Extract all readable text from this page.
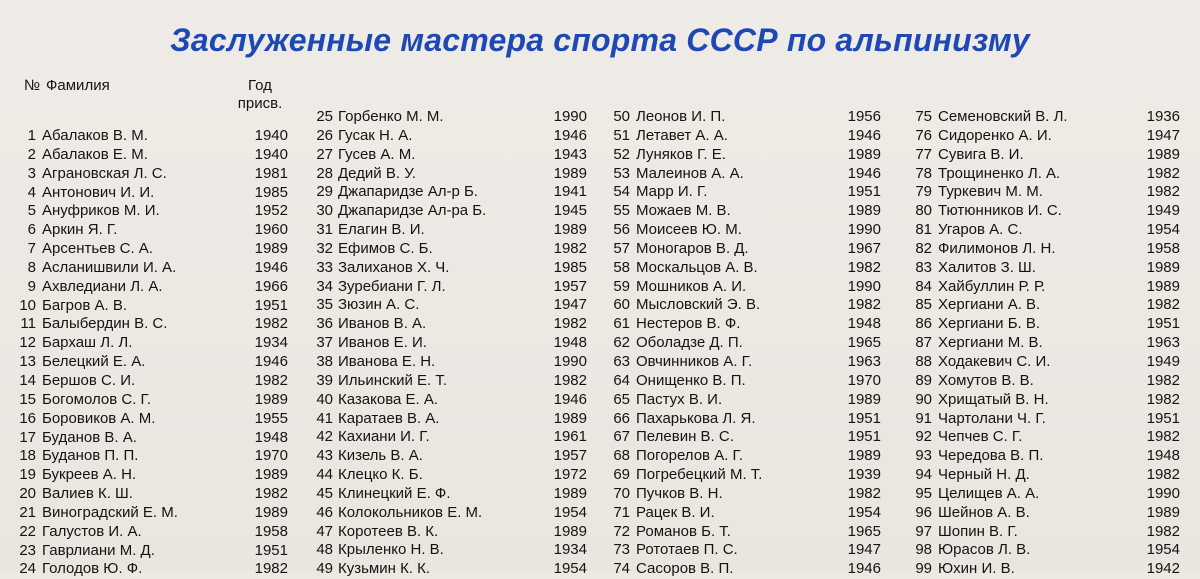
Заслуженные мастера спорта СССР по альпинизму
№ Фамилия	Год присв.
1 Абалаков В. М.	1940
2 Абалаков Е. М.	1940
3 Аграновская Л. С.	1981
4 Антонович И. И.	1985
5 Ануфриков М. И.	1952
6 Аркин Я. Г.	1960
7 Арсентьев С. А.	1989
8 Асланишвили И. А.	1946
9 Ахвледиани Л. А.	1966
10 Багров А. В.	1951
11 Балыбердин В. С.	1982
12 Бархаш Л. Л.	1934
13 Белецкий Е. А.	1946
14 Бершов С. И.	1982
15 Богомолов С. Г.	1989
16 Боровиков А. М.	1955
17 Буданов В. А.	1948
18 Буданов П. П.	1970
19 Букреев А. Н.	1989
20 Валиев К. Ш.	1982
21 Виноградский Е. М.	1989
22 Галустов И. А.	1958
23 Гаврлиани М. Д.	1951
24 Голодов Ю. Ф.	1982
25 Горбенко М. М.	1990
26 Гусак Н. А.	1946
27 Гусев А. М.	1943
28 Дедий В. У.	1989
29 Джапаридзе Ал-р Б.	1941
30 Джапаридзе Ал-ра Б.	1945
31 Елагин В. И.	1989
32 Ефимов С. Б.	1982
33 Залиханов Х. Ч.	1985
34 Зуребиани Г. Л.	1957
35 Зюзин А. С.	1947
36 Иванов В. А.	1982
37 Иванов Е. И.	1948
38 Иванова Е. Н.	1990
39 Ильинский Е. Т.	1982
40 Казакова Е. А.	1946
41 Каратаев В. А.	1989
42 Кахиани И. Г.	1961
43 Кизель В. А.	1957
44 Клецко К. Б.	1972
45 Клинецкий Е. Ф.	1989
46 Колокольников Е. М.	1954
47 Коротеев В. К.	1989
48 Крыленко Н. В.	1934
49 Кузьмин К. К.	1954
50 Леонов И. П.	1956
51 Летавет А. А.	1946
52 Луняков Г. Е.	1989
53 Малеинов А. А.	1946
54 Марр И. Г.	1951
55 Можаев М. В.	1989
56 Моисеев Ю. М.	1990
57 Моногаров В. Д.	1967
58 Москальцов А. В.	1982
59 Мошников А. И.	1990
60 Мысловский Э. В.	1982
61 Нестеров В. Ф.	1948
62 Оболадзе Д. П.	1965
63 Овчинников А. Г.	1963
64 Онищенко В. П.	1970
65 Пастух В. И.	1989
66 Пахарькова Л. Я.	1951
67 Пелевин В. С.	1951
68 Погорелов А. Г.	1989
69 Погребецкий М. Т.	1939
70 Пучков В. Н.	1982
71 Рацек В. И.	1954
72 Романов Б. Т.	1965
73 Рототаев П. С.	1947
74 Сасоров В. П.	1946
75 Семеновский В. Л.	1936
76 Сидоренко А. И.	1947
77 Сувига В. И.	1989
78 Трощиненко Л. А.	1982
79 Туркевич М. М.	1982
80 Тютюнников И. С.	1949
81 Угаров А. С.	1954
82 Филимонов Л. Н.	1958
83 Халитов З. Ш.	1989
84 Хайбуллин Р. Р.	1989
85 Хергиани А. В.	1982
86 Хергиани Б. В.	1951
87 Хергиани М. В.	1963
88 Ходакевич С. И.	1949
89 Хомутов В. В.	1982
90 Хрищатый В. Н.	1982
91 Чартолани Ч. Г.	1951
92 Чепчев С. Г.	1982
93 Чередова В. П.	1948
94 Черный Н. Д.	1982
95 Целищев А. А.	1990
96 Шейнов А. В.	1989
97 Шопин В. Г.	1982
98 Юрасов Л. В.	1954
99 Юхин И. В.	1942
